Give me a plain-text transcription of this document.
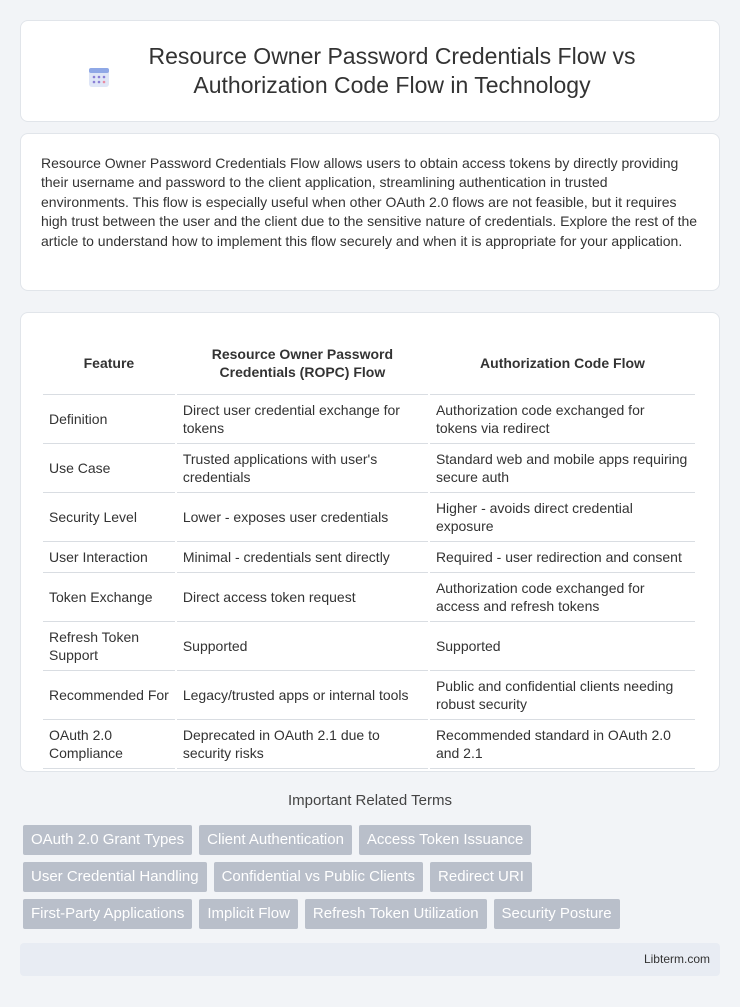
Resource Owner Password Credentials Flow vs Authorization Code Flow in Technology

Resource Owner Password Credentials Flow allows users to obtain access tokens by directly providing their username and password to the client application, streamlining authentication in trusted environments. This flow is especially useful when other OAuth 2.0 flows are not feasible, but it requires high trust between the user and the client due to the sensitive nature of credentials. Explore the rest of the article to understand how to implement this flow securely and when it is appropriate for your application.

Feature	Resource Owner Password Credentials (ROPC) Flow	Authorization Code Flow
Definition	Direct user credential exchange for tokens	Authorization code exchanged for tokens via redirect
Use Case	Trusted applications with user's credentials	Standard web and mobile apps requiring secure auth
Security Level	Lower - exposes user credentials	Higher - avoids direct credential exposure
User Interaction	Minimal - credentials sent directly	Required - user redirection and consent
Token Exchange	Direct access token request	Authorization code exchanged for access and refresh tokens
Refresh Token Support	Supported	Supported
Recommended For	Legacy/trusted apps or internal tools	Public and confidential clients needing robust security
OAuth 2.0 Compliance	Deprecated in OAuth 2.1 due to security risks	Recommended standard in OAuth 2.0 and 2.1
Important Related Terms
OAuth 2.0 Grant Types	Client Authentication	Access Token Issuance
User Credential Handling	Confidential vs Public Clients	Redirect URI
First-Party Applications	Implicit Flow	Refresh Token Utilization	Security Posture
Libterm.com
